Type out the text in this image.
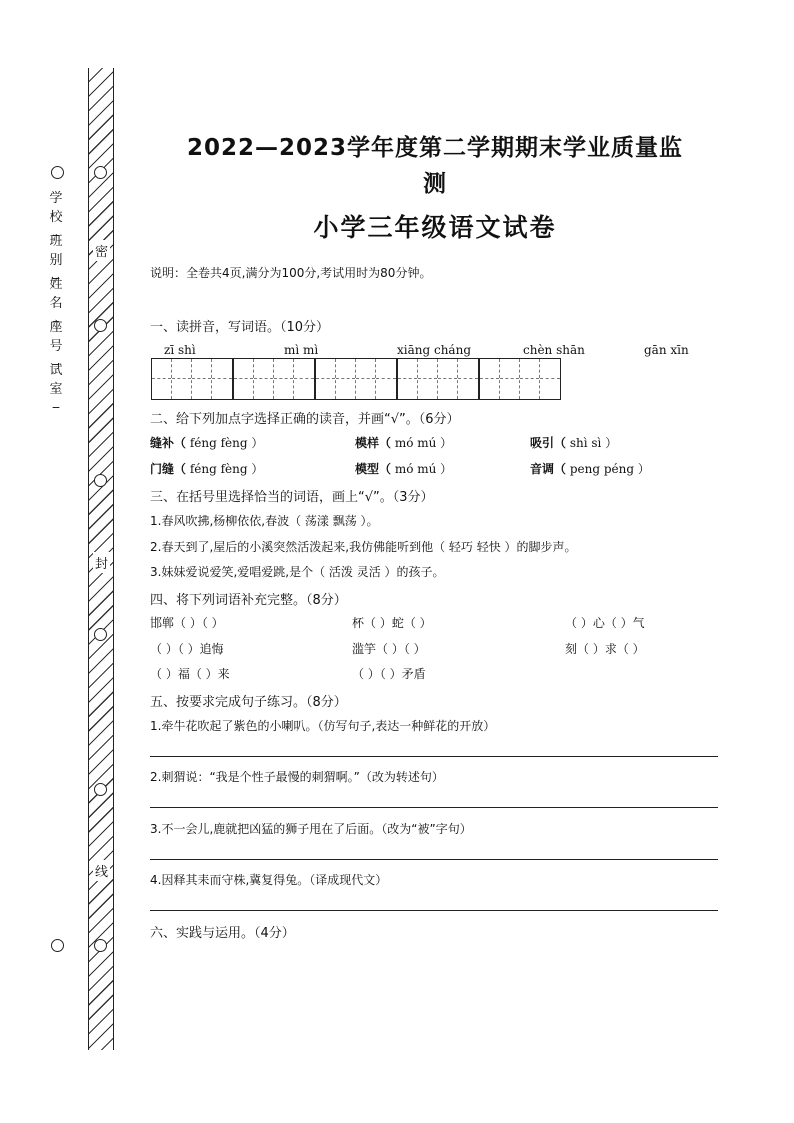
密
封
线
学
校
_
班
别
_
姓
名
_
座
号
_
试
室
_
2022—2023学年度第二学期期末学业质量监
测
小学三年级语文试卷
说明：全卷共4页,满分为100分,考试用时为80分钟。
一、读拼音，写词语。（10分）
zī shì	mì mì	xiāng cháng	chèn shān	gān xīn
二、给下列加点字选择正确的读音，并画“√”。（6分）
缝补（ féng fèng ）	模样（ mó mú ）	吸引（ shì sì ）
门缝（ féng fèng ）	模型（ mó mú ）	音调（ peng péng ）
三、在括号里选择恰当的词语，画上“√”。（3分）
1.春风吹拂,杨柳依依,春波（ 荡漾 飘荡 ）。
2.春天到了,屋后的小溪突然活泼起来,我仿佛能听到他（ 轻巧 轻快 ）的脚步声。
3.妹妹爱说爱笑,爱唱爱跳,是个（ 活泼 灵活 ）的孩子。
四、将下列词语补充完整。（8分）
邯郸（ ）（ ）	杯（ ）蛇（ ）	（ ）心（ ）气
（ ）（ ）追悔	滥竽（ ）（ ）	刻（ ）求（ ）
（ ）福（ ）来	（ ）（ ）矛盾
五、按要求完成句子练习。（8分）
1.牵牛花吹起了紫色的小喇叭。（仿写句子,表达一种鲜花的开放）
2.刺猬说：“我是个性子最慢的刺猬啊。”（改为转述句）
3.不一会儿,鹿就把凶猛的狮子甩在了后面。（改为“被”字句）
4.因释其耒而守株,冀复得兔。（译成现代文）
六、实践与运用。（4分）
